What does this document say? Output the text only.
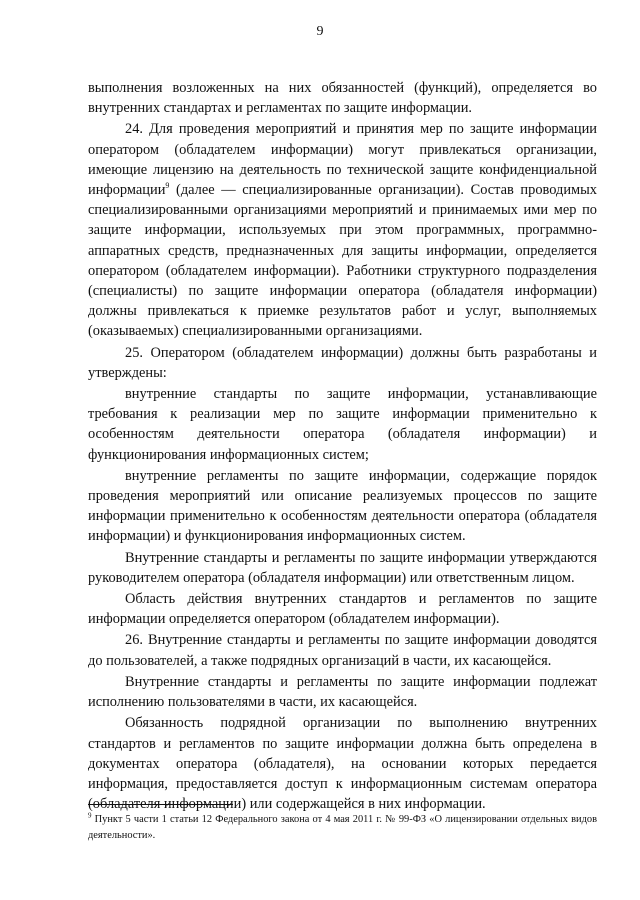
9

выполнения возложенных на них обязанностей (функций), определяется во внутренних стандартах и регламентах по защите информации.

24. Для проведения мероприятий и принятия мер по защите информации оператором (обладателем информации) могут привлекаться организации, имеющие лицензию на деятельность по технической защите конфиденциальной информации$^9$ (далее — специализированные организации). Состав проводимых специализированными организациями мероприятий и принимаемых ими мер по защите информации, используемых при этом программных, программно-аппаратных средств, предназначенных для защиты информации, определяется оператором (обладателем информации). Работники структурного подразделения (специалисты) по защите информации оператора (обладателя информации) должны привлекаться к приемке результатов работ и услуг, выполняемых (оказываемых) специализированными организациями.

25. Оператором (обладателем информации) должны быть разработаны и утверждены:

внутренние стандарты по защите информации, устанавливающие требования к реализации мер по защите информации применительно к особенностям деятельности оператора (обладателя информации) и функционирования информационных систем;

внутренние регламенты по защите информации, содержащие порядок проведения мероприятий или описание реализуемых процессов по защите информации применительно к особенностям деятельности оператора (обладателя информации) и функционирования информационных систем.

Внутренние стандарты и регламенты по защите информации утверждаются руководителем оператора (обладателя информации) или ответственным лицом.

Область действия внутренних стандартов и регламентов по защите информации определяется оператором (обладателем информации).

26. Внутренние стандарты и регламенты по защите информации доводятся до пользователей, а также подрядных организаций в части, их касающейся.

Внутренние стандарты и регламенты по защите информации подлежат исполнению пользователями в части, их касающейся.

Обязанность подрядной организации по выполнению внутренних стандартов и регламентов по защите информации должна быть определена в документах оператора (обладателя), на основании которых передается информация, предоставляется доступ к информационным системам оператора (обладателя информации) или содержащейся в них информации.

$^9$ Пункт 5 части 1 статьи 12 Федерального закона от 4 мая 2011 г. № 99-ФЗ «О лицензировании отдельных видов деятельности».
